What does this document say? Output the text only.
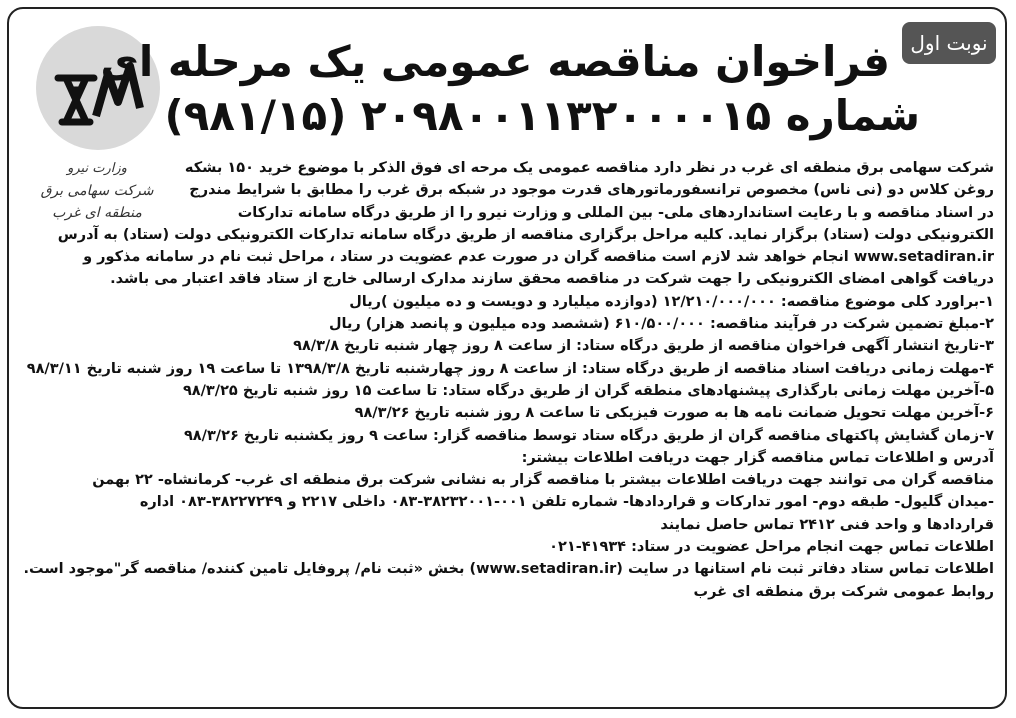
نوبت اول
وزارت نیرو
شرکت سهامی برق منطقه ای غرب
فراخوان مناقصه عمومی یک مرحله ای
شماره ۲۰۹۸۰۰۱۱۳۲۰۰۰۰۱۵ (۹۸۱/۱۵)
شرکت سهامی برق منطقه ای غرب در نظر دارد مناقصه عمومی یک مرحه ای فوق الذکر با موضوع خرید ۱۵۰ بشکه
روغن کلاس دو (نی ناس) مخصوص ترانسفورماتورهای قدرت موجود در شبکه برق غرب را مطابق با شرایط مندرج
در اسناد مناقصه و با رعایت استانداردهای ملی- بین المللی و وزارت نیرو را از طریق درگاه سامانه تدارکات
الکترونیکی دولت (ستاد) برگزار نماید. کلیه مراحل برگزاری مناقصه از طریق درگاه سامانه تدارکات الکترونیکی دولت (ستاد) به آدرس
www.setadiran.ir انجام خواهد شد لازم است مناقصه گران در صورت عدم عضویت در ستاد ، مراحل ثبت نام در سامانه مذکور و
دریافت گواهی امضای الکترونیکی را جهت شرکت در مناقصه محقق سازند مدارک ارسالی خارج از ستاد فاقد اعتبار می باشد.
۱-براورد کلی موضوع مناقصه: ۱۲/۲۱۰/۰۰۰/۰۰۰ (دوازده میلیارد و دویست و ده میلیون )ریال
۲-مبلغ تضمین شرکت در فرآیند مناقصه: ۶۱۰/۵۰۰/۰۰۰ (ششصد وده میلیون و پانصد هزار) ریال
۳-تاریخ انتشار آگهی فراخوان مناقصه از طریق درگاه ستاد: از ساعت ۸ روز چهار شنبه تاریخ ۹۸/۳/۸
۴-مهلت زمانی دریافت اسناد مناقصه از طریق درگاه ستاد: از ساعت ۸ روز چهارشنبه تاریخ ۱۳۹۸/۳/۸ تا ساعت ۱۹ روز شنبه تاریخ ۹۸/۳/۱۱
۵-آخرین مهلت زمانی بارگذاری پیشنهادهای منطقه گران از طریق درگاه ستاد: تا ساعت ۱۵ روز شنبه تاریخ ۹۸/۳/۲۵
۶-آخرین مهلت تحویل ضمانت نامه ها به صورت فیزیکی تا ساعت ۸ روز شنبه تاریخ ۹۸/۳/۲۶
۷-زمان گشایش پاکتهای مناقصه گران از طریق درگاه ستاد توسط مناقصه گزار: ساعت ۹ روز یکشنبه تاریخ ۹۸/۳/۲۶
آدرس و اطلاعات تماس مناقصه گزار جهت دریافت اطلاعات بیشتر:
مناقصه گران می توانند جهت دریافت اطلاعات بیشتر با مناقصه گزار به نشانی شرکت برق منطقه ای غرب- کرمانشاه- ۲۲ بهمن
-میدان گلیول- طبقه دوم- امور تدارکات و قراردادها- شماره تلفن ۰۰۱-۳۸۲۳۲۰۰۱-۰۸۳ داخلی ۲۲۱۷ و ۳۸۲۲۷۲۴۹-۰۸۳ اداره
قراردادها و واحد فنی ۲۴۱۲ تماس حاصل نمایند
اطلاعات تماس جهت انجام مراحل عضویت در ستاد: ۴۱۹۳۴-۰۲۱
اطلاعات تماس ستاد دفاتر ثبت نام استانها در سایت (www.setadiran.ir) بخش «ثبت نام/ پروفایل تامین کننده/ مناقصه گر"موجود است.
روابط عمومی شرکت برق منطقه ای غرب
